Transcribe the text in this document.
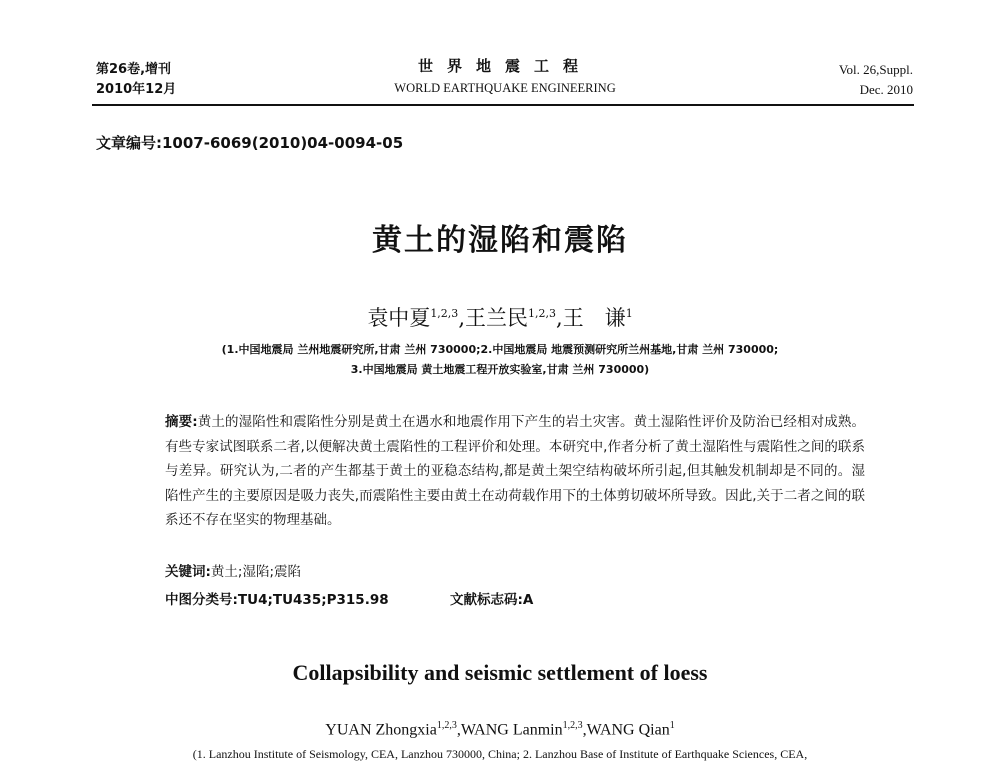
第26卷,增刊
2010年12月
世界地震工程
WORLD EARTHQUAKE ENGINEERING
Vol. 26,Suppl.
Dec. 2010
文章编号:1007-6069(2010)04-0094-05
黄土的湿陷和震陷
袁中夏$^{1,2,3}$,王兰民$^{1,2,3}$,王　谦$^1$
(1.中国地震局 兰州地震研究所,甘肃 兰州 730000;2.中国地震局 地震预测研究所兰州基地,甘肃 兰州 730000;
3.中国地震局 黄土地震工程开放实验室,甘肃 兰州 730000)
摘要:黄土的湿陷性和震陷性分别是黄土在遇水和地震作用下产生的岩土灾害。黄土湿陷性评价及防治已经相对成熟。有些专家试图联系二者,以便解决黄土震陷性的工程评价和处理。本研究中,作者分析了黄土湿陷性与震陷性之间的联系与差异。研究认为,二者的产生都基于黄土的亚稳态结构,都是黄土架空结构破坏所引起,但其触发机制却是不同的。湿陷性产生的主要原因是吸力丧失,而震陷性主要由黄土在动荷载作用下的土体剪切破坏所导致。因此,关于二者之间的联系还不存在坚实的物理基础。
关键词:黄土;湿陷;震陷
中图分类号:TU4;TU435;P315.98	文献标志码:A
Collapsibility and seismic settlement of loess
YUAN Zhongxia$^{1,2,3}$,WANG Lanmin$^{1,2,3}$,WANG Qian$^1$
(1. Lanzhou Institute of Seismology, CEA, Lanzhou 730000, China; 2. Lanzhou Base of Institute of Earthquake Sciences, CEA,
